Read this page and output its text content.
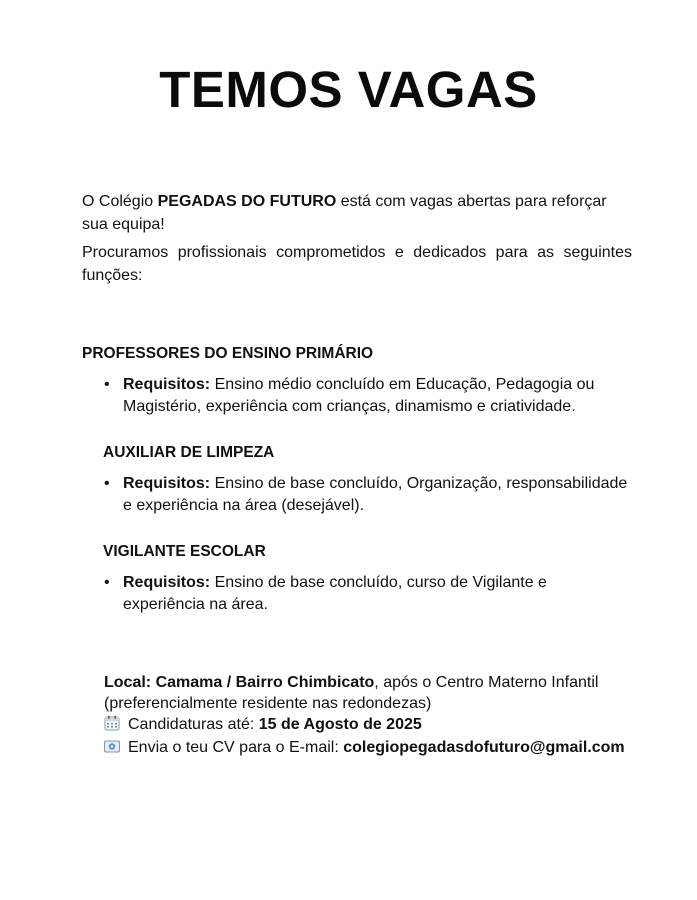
TEMOS VAGAS

O Colégio PEGADAS DO FUTURO está com vagas abertas para reforçar sua equipa!

Procuramos profissionais comprometidos e dedicados para as seguintes funções:

PROFESSORES DO ENSINO PRIMÁRIO
• Requisitos: Ensino médio concluído em Educação, Pedagogia ou Magistério, experiência com crianças, dinamismo e criatividade.
AUXILIAR DE LIMPEZA
• Requisitos: Ensino de base concluído, Organização, responsabilidade e experiência na área (desejável).
VIGILANTE ESCOLAR
• Requisitos: Ensino de base concluído, curso de Vigilante e experiência na área.
Local: Camama / Bairro Chimbicato, após o Centro Materno Infantil
(preferencialmente residente nas redondezas)
Candidaturas até: 15 de Agosto de 2025
Envia o teu CV para o E-mail: colegiopegadasdofuturo@gmail.com
